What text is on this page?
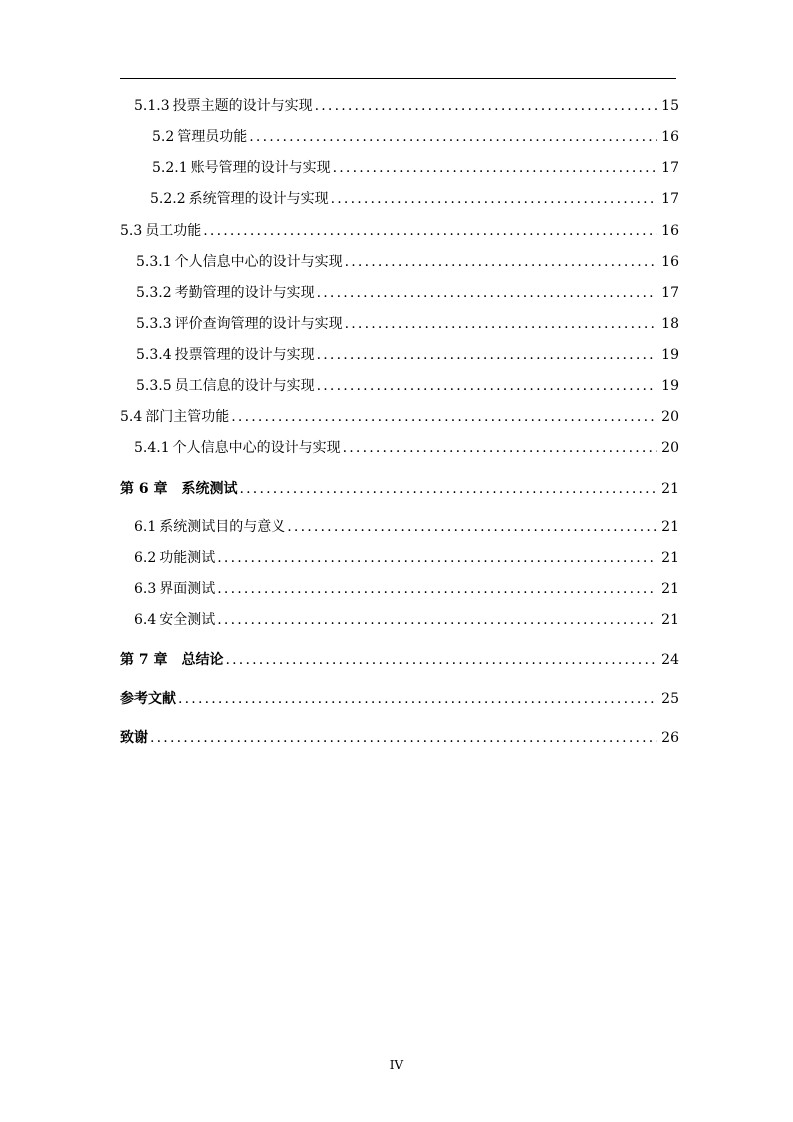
5.1.3 投票主题的设计与实现 .....	15
5.2 管理员功能 .....	16
5.2.1 账号管理的设计与实现 .....	17
5.2.2 系统管理的设计与实现 .....	17
5.3 员工功能 .....	16
5.3.1 个人信息中心的设计与实现 .....	16
5.3.2 考勤管理的设计与实现 .....	17
5.3.3 评价查询管理的设计与实现 .....	18
5.3.4 投票管理的设计与实现 .....	19
5.3.5 员工信息的设计与实现 .....	19
5.4 部门主管功能 .....	20
5.4.1 个人信息中心的设计与实现 .....	20
第 6 章 系统测试 .....	21
6.1 系统测试目的与意义 .....	21
6.2 功能测试 .....	21
6.3 界面测试 .....	21
6.4 安全测试 .....	21
第 7 章 总结论 .....	24
参考文献 .....	25
致谢 .....	26
IV
